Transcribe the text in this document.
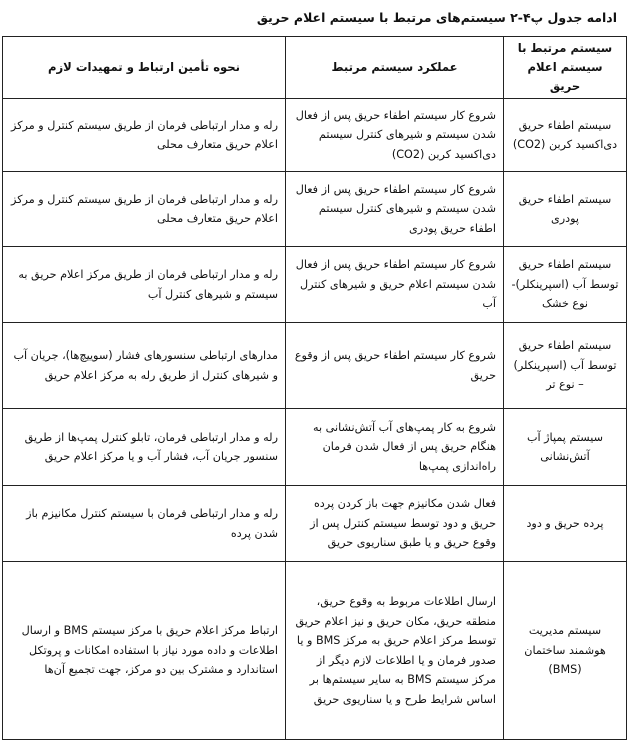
ادامه جدول پ۴-۲ سیستم‌های مرتبط با سیستم اعلام حریق
سیستم مرتبط با سیستم اعلام حریق	عملکرد سیستم مرتبط	نحوه تأمین ارتباط و تمهیدات لازم
سیستم اطفاء حریق دی‌اکسید کربن (CO2)	شروع کار سیستم اطفاء حریق پس از فعال شدن سیستم و شیرهای کنترل سیستم دی‌اکسید کربن (CO2)	رله و مدار ارتباطی فرمان از طریق سیستم کنترل و مرکز اعلام حریق متعارف محلی
سیستم اطفاء حریق پودری	شروع کار سیستم اطفاء حریق پس از فعال شدن سیستم و شیرهای کنترل سیستم اطفاء حریق پودری	رله و مدار ارتباطی فرمان از طریق سیستم کنترل و مرکز اعلام حریق متعارف محلی
سیستم اطفاء حریق توسط آب (اسپرینکلر)- نوع خشک	شروع کار سیستم اطفاء حریق پس از فعال شدن سیستم اعلام حریق و شیرهای کنترل آب	رله و مدار ارتباطی فرمان از طریق مرکز اعلام حریق به سیستم و شیرهای کنترل آب
سیستم اطفاء حریق توسط آب (اسپرینکلر) – نوع تر	شروع کار سیستم اطفاء حریق پس از وقوع حریق	مدارهای ارتباطی سنسورهای فشار (سوییچ‌ها)، جریان آب و شیرهای کنترل از طریق رله به مرکز اعلام حریق
سیستم پمپاژ آب آتش‌نشانی	شروع به کار پمپ‌های آب آتش‌نشانی به هنگام حریق پس از فعال شدن فرمان راه‌اندازی پمپ‌ها	رله و مدار ارتباطی فرمان، تابلو کنترل پمپ‌ها از طریق سنسور جریان آب، فشار آب و یا مرکز اعلام حریق
پرده حریق و دود	فعال شدن مکانیزم جهت باز کردن پرده حریق و دود توسط سیستم کنترل پس از وقوع حریق و یا طبق سناریوی حریق	رله و مدار ارتباطی فرمان با سیستم کنترل مکانیزم باز شدن پرده
سیستم مدیریت هوشمند ساختمان (BMS)	ارسال اطلاعات مربوط به وقوع حریق، منطقه حریق، مکان حریق و نیز اعلام حریق توسط مرکز اعلام حریق به مرکز BMS و یا صدور فرمان و یا اطلاعات لازم دیگر از مرکز سیستم BMS به سایر سیستم‌ها بر اساس شرایط طرح و یا سناریوی حریق	ارتباط مرکز اعلام حریق با مرکز سیستم BMS و ارسال اطلاعات و داده مورد نیاز با استفاده امکانات و پروتکل استاندارد و مشترک بین دو مرکز، جهت تجمیع آن‌ها
